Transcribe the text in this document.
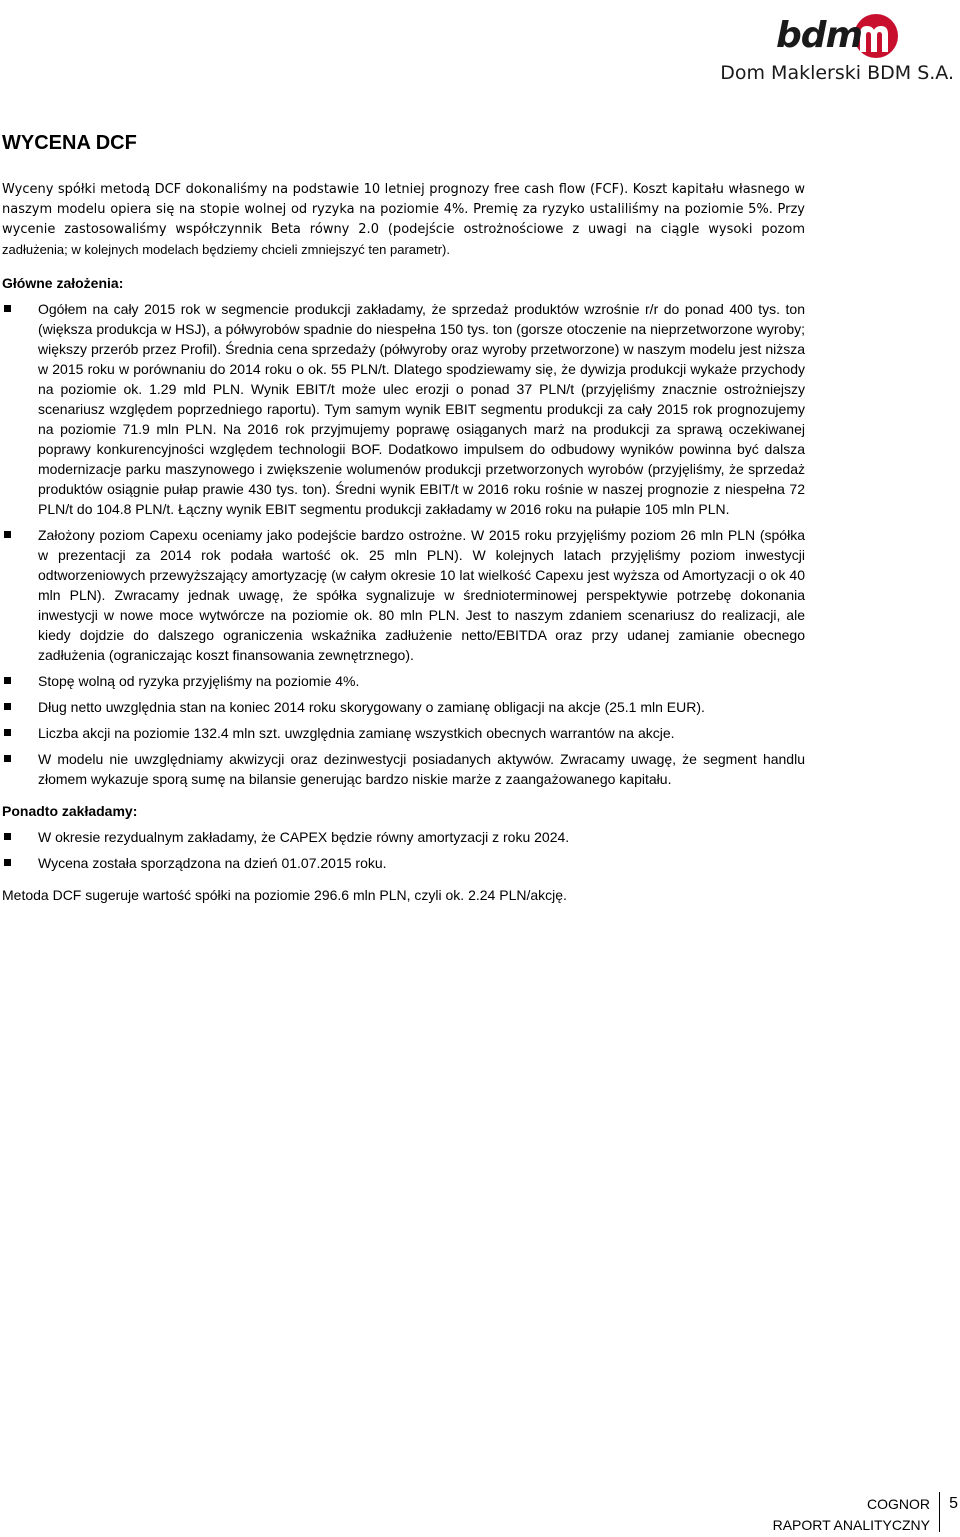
bdm
Dom Maklerski BDM S.A.
WYCENA DCF

Wyceny spółki metodą DCF dokonaliśmy na podstawie 10 letniej prognozy free cash flow (FCF). Koszt kapitału własnego w naszym modelu opiera się na stopie wolnej od ryzyka na poziomie 4%. Premię za ryzyko ustaliliśmy na poziomie 5%. Przy wycenie zastosowaliśmy współczynnik Beta równy 2.0 (podejście ostrożnościowe z uwagi na ciągle wysoki pozom zadłużenia; w kolejnych modelach będziemy chcieli zmniejszyć ten parametr).

Główne założenia:

Ogółem na cały 2015 rok w segmencie produkcji zakładamy, że sprzedaż produktów wzrośnie r/r do ponad 400 tys. ton (większa produkcja w HSJ), a półwyrobów spadnie do niespełna 150 tys. ton (gorsze otoczenie na nieprzetworzone wyroby; większy przerób przez Profil). Średnia cena sprzedaży (półwyroby oraz wyroby przetworzone) w naszym modelu jest niższa w 2015 roku w porównaniu do 2014 roku o ok. 55 PLN/t. Dlatego spodziewamy się, że dywizja produkcji wykaże przychody na poziomie ok. 1.29 mld PLN. Wynik EBIT/t może ulec erozji o ponad 37 PLN/t (przyjęliśmy znacznie ostrożniejszy scenariusz względem poprzedniego raportu). Tym samym wynik EBIT segmentu produkcji za cały 2015 rok prognozujemy na poziomie 71.9 mln PLN. Na 2016 rok przyjmujemy poprawę osiąganych marż na produkcji za sprawą oczekiwanej poprawy konkurencyjności względem technologii BOF. Dodatkowo impulsem do odbudowy wyników powinna być dalsza modernizacje parku maszynowego i zwiększenie wolumenów produkcji przetworzonych wyrobów (przyjęliśmy, że sprzedaż produktów osiągnie pułap prawie 430 tys. ton). Średni wynik EBIT/t w 2016 roku rośnie w naszej prognozie z niespełna 72 PLN/t do 104.8 PLN/t. Łączny wynik EBIT segmentu produkcji zakładamy w 2016 roku na pułapie 105 mln PLN.
Założony poziom Capexu oceniamy jako podejście bardzo ostrożne. W 2015 roku przyjęliśmy poziom 26 mln PLN (spółka w prezentacji za 2014 rok podała wartość ok. 25 mln PLN). W kolejnych latach przyjęliśmy poziom inwestycji odtworzeniowych przewyższający amortyzację (w całym okresie 10 lat wielkość Capexu jest wyższa od Amortyzacji o ok 40 mln PLN). Zwracamy jednak uwagę, że spółka sygnalizuje w średnioterminowej perspektywie potrzebę dokonania inwestycji w nowe moce wytwórcze na poziomie ok. 80 mln PLN. Jest to naszym zdaniem scenariusz do realizacji, ale kiedy dojdzie do dalszego ograniczenia wskaźnika zadłużenie netto/EBITDA oraz przy udanej zamianie obecnego zadłużenia (ograniczając koszt finansowania zewnętrznego).
Stopę wolną od ryzyka przyjęliśmy na poziomie 4%.
Dług netto uwzględnia stan na koniec 2014 roku skorygowany o zamianę obligacji na akcje (25.1 mln EUR).
Liczba akcji na poziomie 132.4 mln szt. uwzględnia zamianę wszystkich obecnych warrantów na akcje.
W modelu nie uwzględniamy akwizycji oraz dezinwestycji posiadanych aktywów. Zwracamy uwagę, że segment handlu złomem wykazuje sporą sumę na bilansie generując bardzo niskie marże z zaangażowanego kapitału.

Ponadto zakładamy:

W okresie rezydualnym zakładamy, że CAPEX będzie równy amortyzacji z roku 2024.
Wycena została sporządzona na dzień 01.07.2015 roku.

Metoda DCF sugeruje wartość spółki na poziomie 296.6 mln PLN, czyli ok. 2.24 PLN/akcję.

COGNOR
RAPORT ANALITYCZNY
5
